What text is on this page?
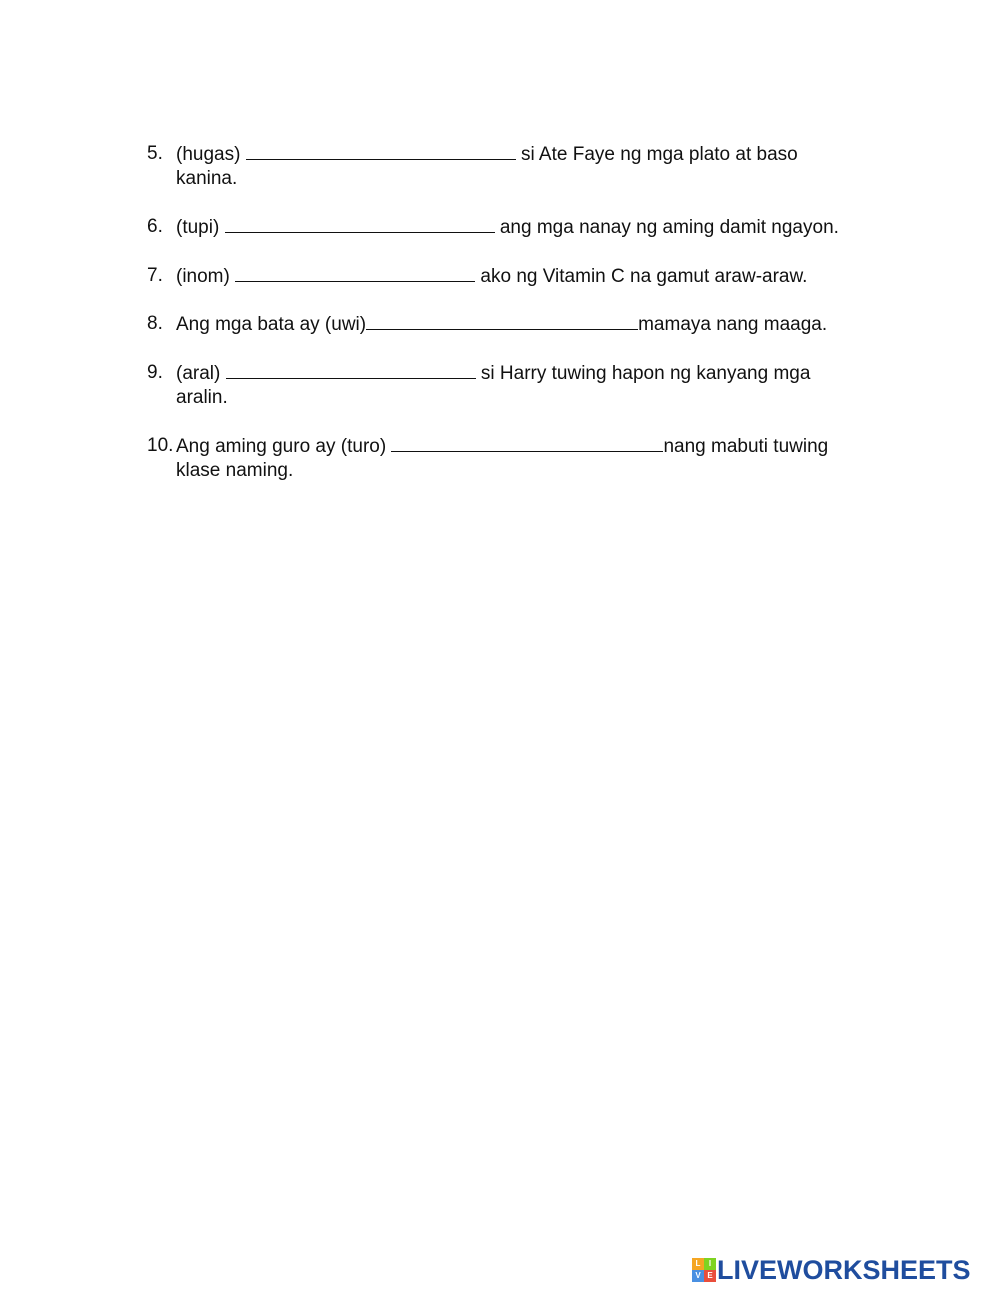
5. (hugas)	si Ate Faye ng mga plato at baso
kanina.
6. (tupi)	ang mga nanay ng aming damit ngayon.
7. (inom)	ako ng Vitamin C na gamut araw-araw.
8. Ang mga bata ay (uwi)	mamaya nang maaga.
9. (aral)	si Harry tuwing hapon ng kanyang mga
aralin.
10. Ang aming guro ay (turo)	nang mabuti tuwing
klase naming.
L	I
V E LIVEWORKSHEETS
